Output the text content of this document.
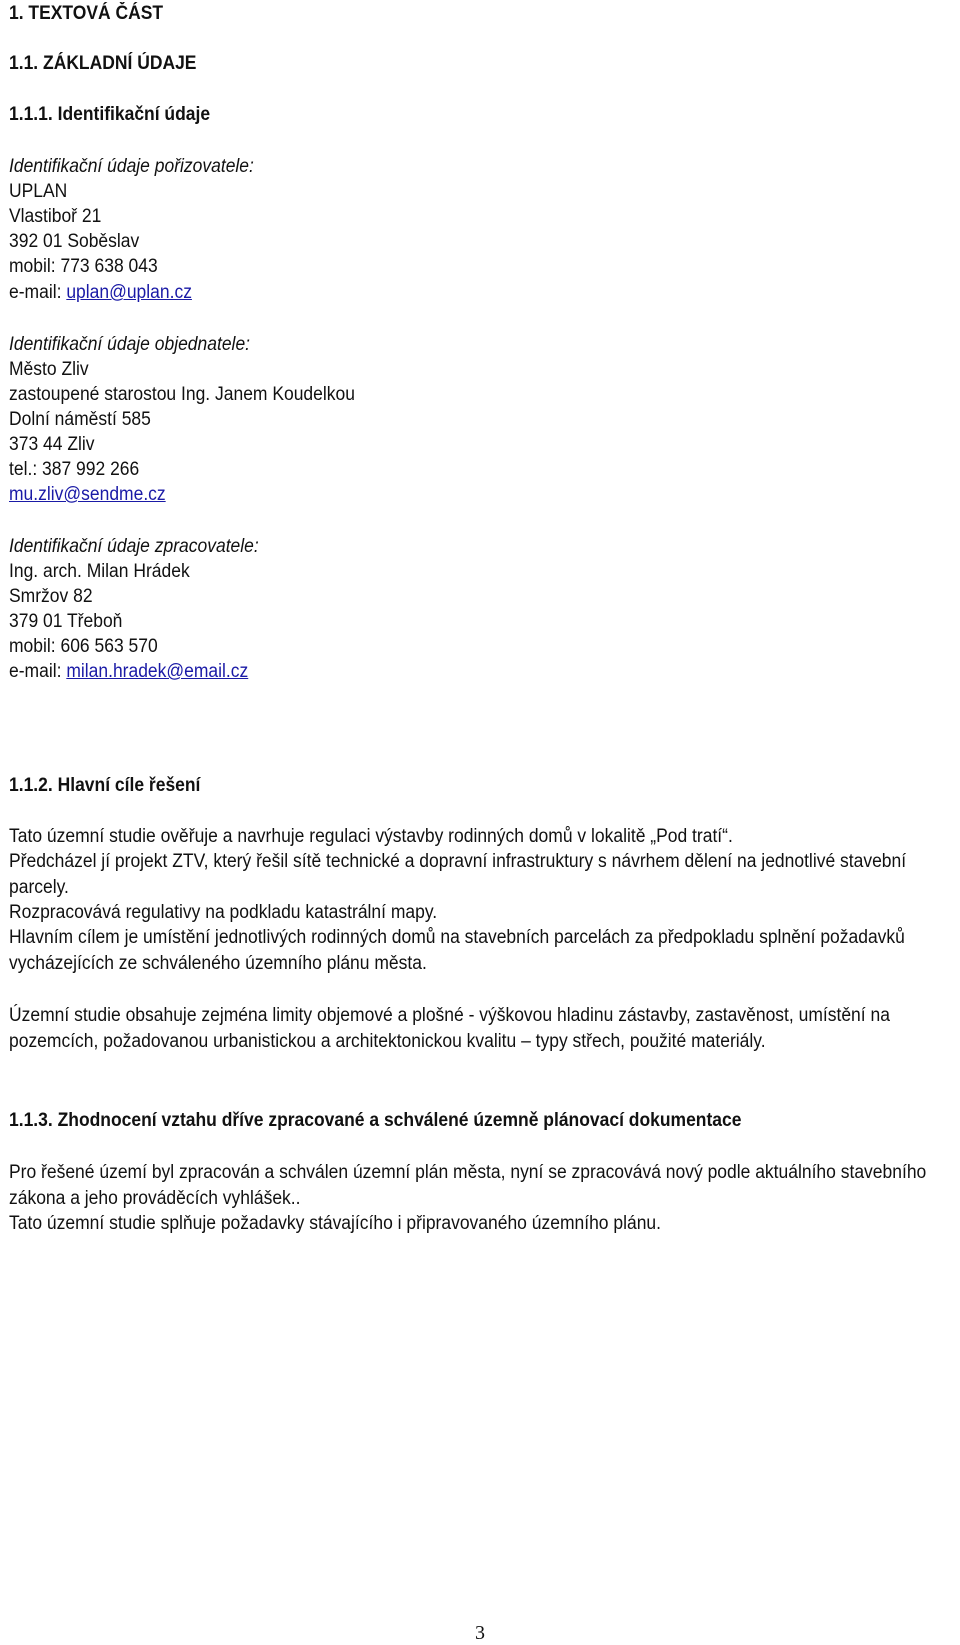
1. TEXTOVÁ ČÁST
1.1. ZÁKLADNÍ ÚDAJE
1.1.1. Identifikační údaje
Identifikační údaje pořizovatele:
UPLAN
Vlastiboř 21
392 01 Soběslav
mobil: 773 638 043
e-mail: uplan@uplan.cz
Identifikační údaje objednatele:
Město Zliv
zastoupené starostou Ing. Janem Koudelkou
Dolní náměstí 585
373 44 Zliv
tel.: 387 992 266
mu.zliv@sendme.cz
Identifikační údaje zpracovatele:
Ing. arch. Milan Hrádek
Smržov 82
379 01 Třeboň
mobil: 606 563 570
e-mail: milan.hradek@email.cz
1.1.2. Hlavní cíle řešení
Tato územní studie ověřuje a navrhuje regulaci výstavby rodinných domů v lokalitě „Pod tratí“.
Předcházel jí projekt ZTV, který řešil sítě technické a dopravní infrastruktury s návrhem dělení na jednotlivé stavební parcely.
Rozpracovává regulativy na podkladu katastrální mapy.
Hlavním cílem je umístění jednotlivých rodinných domů na stavebních parcelách za předpokladu splnění požadavků vycházejících ze schváleného územního plánu města.
Územní studie obsahuje zejména limity objemové a plošné - výškovou hladinu zástavby, zastavěnost, umístění na pozemcích, požadovanou urbanistickou a architektonickou kvalitu – typy střech, použité materiály.
1.1.3. Zhodnocení vztahu dříve zpracované a schválené územně plánovací dokumentace
Pro řešené území byl zpracován a schválen územní plán města, nyní se zpracovává nový podle aktuálního stavebního zákona a jeho prováděcích vyhlášek..
Tato územní studie splňuje požadavky stávajícího i připravovaného územního plánu.
3
